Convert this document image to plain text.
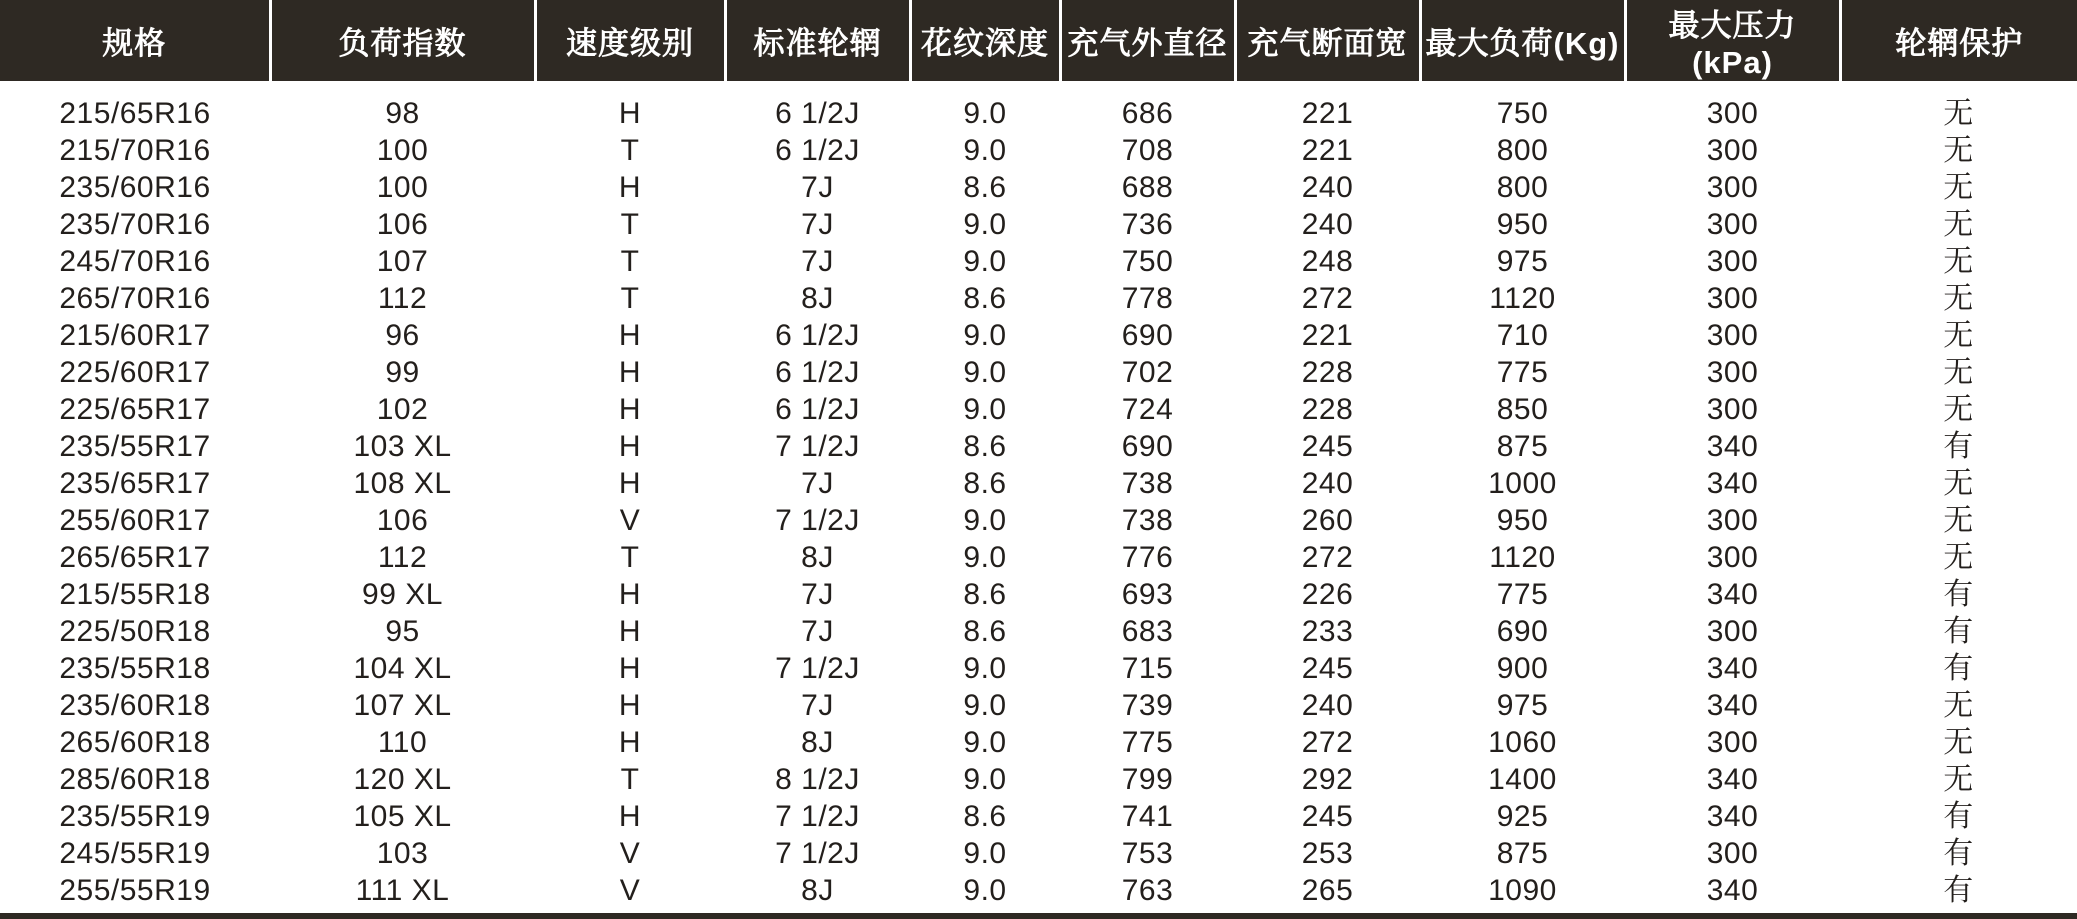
规格	负荷指数	速度级别	标准轮辋	花纹深度	充气外直径	充气断面宽	最大负荷(Kg)	最大压力(kPa)	轮辋保护
215/65R16	98	H	6 1/2J	9.0	686	221	750	300	无
215/70R16	100	T	6 1/2J	9.0	708	221	800	300	无
235/60R16	100	H	7J	8.6	688	240	800	300	无
235/70R16	106	T	7J	9.0	736	240	950	300	无
245/70R16	107	T	7J	9.0	750	248	975	300	无
265/70R16	112	T	8J	8.6	778	272	1120	300	无
215/60R17	96	H	6 1/2J	9.0	690	221	710	300	无
225/60R17	99	H	6 1/2J	9.0	702	228	775	300	无
225/65R17	102	H	6 1/2J	9.0	724	228	850	300	无
235/55R17	103 XL	H	7 1/2J	8.6	690	245	875	340	有
235/65R17	108 XL	H	7J	8.6	738	240	1000	340	无
255/60R17	106	V	7 1/2J	9.0	738	260	950	300	无
265/65R17	112	T	8J	9.0	776	272	1120	300	无
215/55R18	99 XL	H	7J	8.6	693	226	775	340	有
225/50R18	95	H	7J	8.6	683	233	690	300	有
235/55R18	104 XL	H	7 1/2J	9.0	715	245	900	340	有
235/60R18	107 XL	H	7J	9.0	739	240	975	340	无
265/60R18	110	H	8J	9.0	775	272	1060	300	无
285/60R18	120 XL	T	8 1/2J	9.0	799	292	1400	340	无
235/55R19	105 XL	H	7 1/2J	8.6	741	245	925	340	有
245/55R19	103	V	7 1/2J	9.0	753	253	875	300	有
255/55R19	111 XL	V	8J	9.0	763	265	1090	340	有
